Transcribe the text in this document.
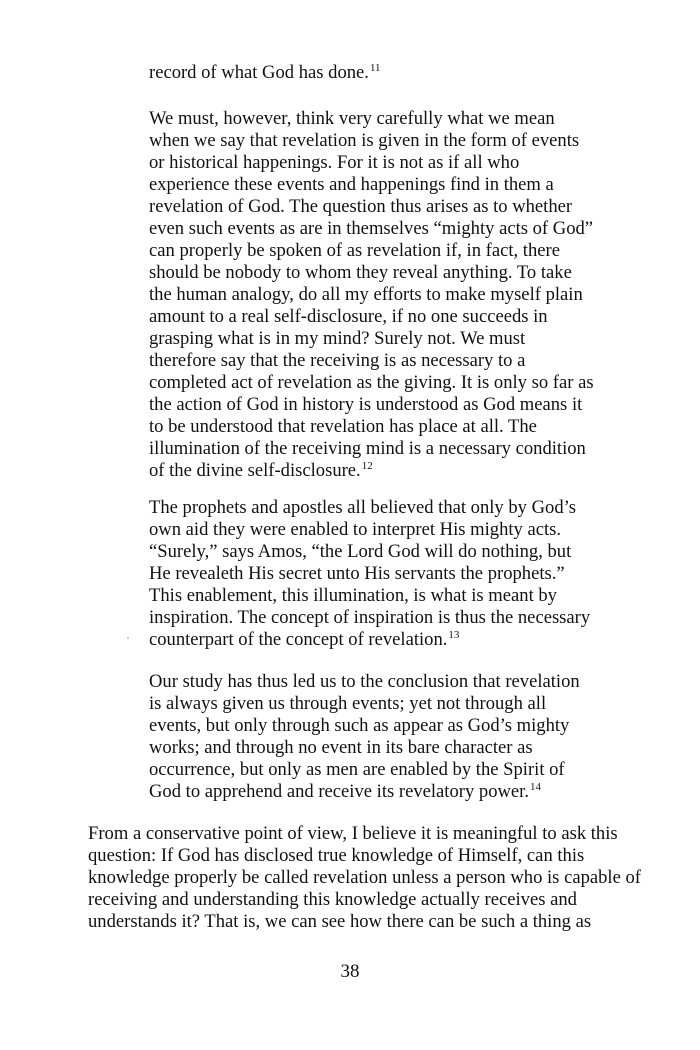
record of what God has done.$^{11}$

We must, however, think very carefully what we mean when we say that revelation is given in the form of events or historical happenings. For it is not as if all who experience these events and happenings find in them a revelation of God. The question thus arises as to whether even such events as are in themselves “mighty acts of God” can properly be spoken of as revelation if, in fact, there should be nobody to whom they reveal anything. To take the human analogy, do all my efforts to make myself plain amount to a real self-disclosure, if no one succeeds in grasping what is in my mind? Surely not. We must therefore say that the receiving is as necessary to a completed act of revelation as the giving. It is only so far as the action of God in history is understood as God means it to be understood that revelation has place at all. The illumination of the receiving mind is a necessary condition of the divine self-disclosure.$^{12}$

The prophets and apostles all believed that only by God’s own aid they were enabled to interpret His mighty acts. “Surely,” says Amos, “the Lord God will do nothing, but He revealeth His secret unto His servants the prophets.” This enablement, this illumination, is what is meant by inspiration. The concept of inspiration is thus the necessary counterpart of the concept of revelation.$^{13}$

Our study has thus led us to the conclusion that revelation is always given us through events; yet not through all events, but only through such as appear as God’s mighty works; and through no event in its bare character as occurrence, but only as men are enabled by the Spirit of God to apprehend and receive its revelatory power.$^{14}$

From a conservative point of view, I believe it is meaningful to ask this question: If God has disclosed true knowledge of Himself, can this knowledge properly be called revelation unless a person who is capable of receiving and understanding this knowledge actually receives and understands it? That is, we can see how there can be such a thing as

38
